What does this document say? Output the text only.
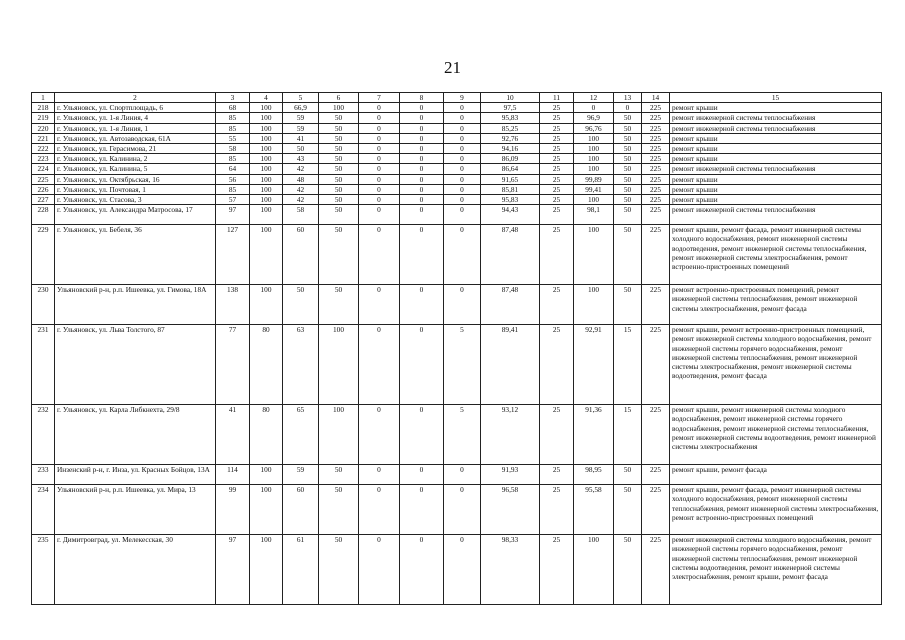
21
1	2	3	4	5	6	7	8	9	10	11	12	13	14	15
218	г. Ульяновск, ул. Спортплощадь, 6	68	100	66,9	100	0	0	0	97,5	25	0	0	225	ремонт крыши
219	г. Ульяновск, ул. 1-я Линия, 4	85	100	59	50	0	0	0	95,83	25	96,9	50	225	ремонт инженерной системы теплоснабжения
220	г. Ульяновск, ул. 1-я Линия, 1	85	100	59	50	0	0	0	85,25	25	96,76	50	225	ремонт инженерной системы теплоснабжения
221	г. Ульяновск, ул. Автозаводская, 61А	55	100	41	50	0	0	0	92,76	25	100	50	225	ремонт крыши
222	г. Ульяновск, ул. Герасимова, 21	58	100	50	50	0	0	0	94,16	25	100	50	225	ремонт крыши
223	г. Ульяновск, ул. Калинина, 2	85	100	43	50	0	0	0	86,09	25	100	50	225	ремонт крыши
224	г. Ульяновск, ул. Калинина, 5	64	100	42	50	0	0	0	86,64	25	100	50	225	ремонт инженерной системы теплоснабжения
225	г. Ульяновск, ул. Октябрьская, 16	56	100	48	50	0	0	0	91,65	25	99,89	50	225	ремонт крыши
226	г. Ульяновск, ул. Почтовая, 1	85	100	42	50	0	0	0	85,81	25	99,41	50	225	ремонт крыши
227	г. Ульяновск, ул. Стасова, 3	57	100	42	50	0	0	0	95,83	25	100	50	225	ремонт крыши
228	г. Ульяновск, ул. Александра Матросова, 17	97	100	58	50	0	0	0	94,43	25	98,1	50	225	ремонт инженерной системы теплоснабжения
229	г. Ульяновск, ул. Бебеля, 36	127	100	60	50	0	0	0	87,48	25	100	50	225	ремонт крыши, ремонт фасада, ремонт инженерной системы холодного водоснабжения, ремонт инженерной системы водоотведения, ремонт инженерной системы теплоснабжения, ремонт инженерной системы электроснабжения, ремонт встроенно-пристроенных помещений
230	Ульяновский р-н, р.п. Ишеевка, ул. Гимова, 18А	138	100	50	50	0	0	0	87,48	25	100	50	225	ремонт встроенно-пристроенных помещений, ремонт инженерной системы теплоснабжения, ремонт инженерной системы электроснабжения, ремонт фасада
231	г. Ульяновск, ул. Льва Толстого, 87	77	80	63	100	0	0	5	89,41	25	92,91	15	225	ремонт крыши, ремонт встроенно-пристроенных помещений, ремонт инженерной системы холодного водоснабжения, ремонт инженерной системы горячего водоснабжения, ремонт инженерной системы теплоснабжения, ремонт инженерной системы электроснабжения, ремонт инженерной системы водоотведения, ремонт фасада
232	г. Ульяновск, ул. Карла Либкнехта, 29/8	41	80	65	100	0	0	5	93,12	25	91,36	15	225	ремонт крыши, ремонт инженерной системы холодного водоснабжения, ремонт инженерной системы горячего водоснабжения, ремонт инженерной системы теплоснабжения, ремонт инженерной системы водоотведения, ремонт инженерной системы электроснабжения
233	Инзенский р-н, г. Инза, ул. Красных Бойцов, 13А	114	100	59	50	0	0	0	91,93	25	98,95	50	225	ремонт крыши, ремонт фасада
234	Ульяновский р-н, р.п. Ишеевка, ул. Мира, 13	99	100	60	50	0	0	0	96,58	25	95,58	50	225	ремонт крыши, ремонт фасада, ремонт инженерной системы холодного водоснабжения, ремонт инженерной системы теплоснабжения, ремонт инженерной системы электроснабжения, ремонт встроенно-пристроенных помещений
235	г. Димитровград, ул. Мелекесская, 30	97	100	61	50	0	0	0	98,33	25	100	50	225	ремонт инженерной системы холодного водоснабжения, ремонт инженерной системы горячего водоснабжения, ремонт инженерной системы теплоснабжения, ремонт инженерной системы водоотведения, ремонт инженерной системы электроснабжения, ремонт крыши, ремонт фасада
